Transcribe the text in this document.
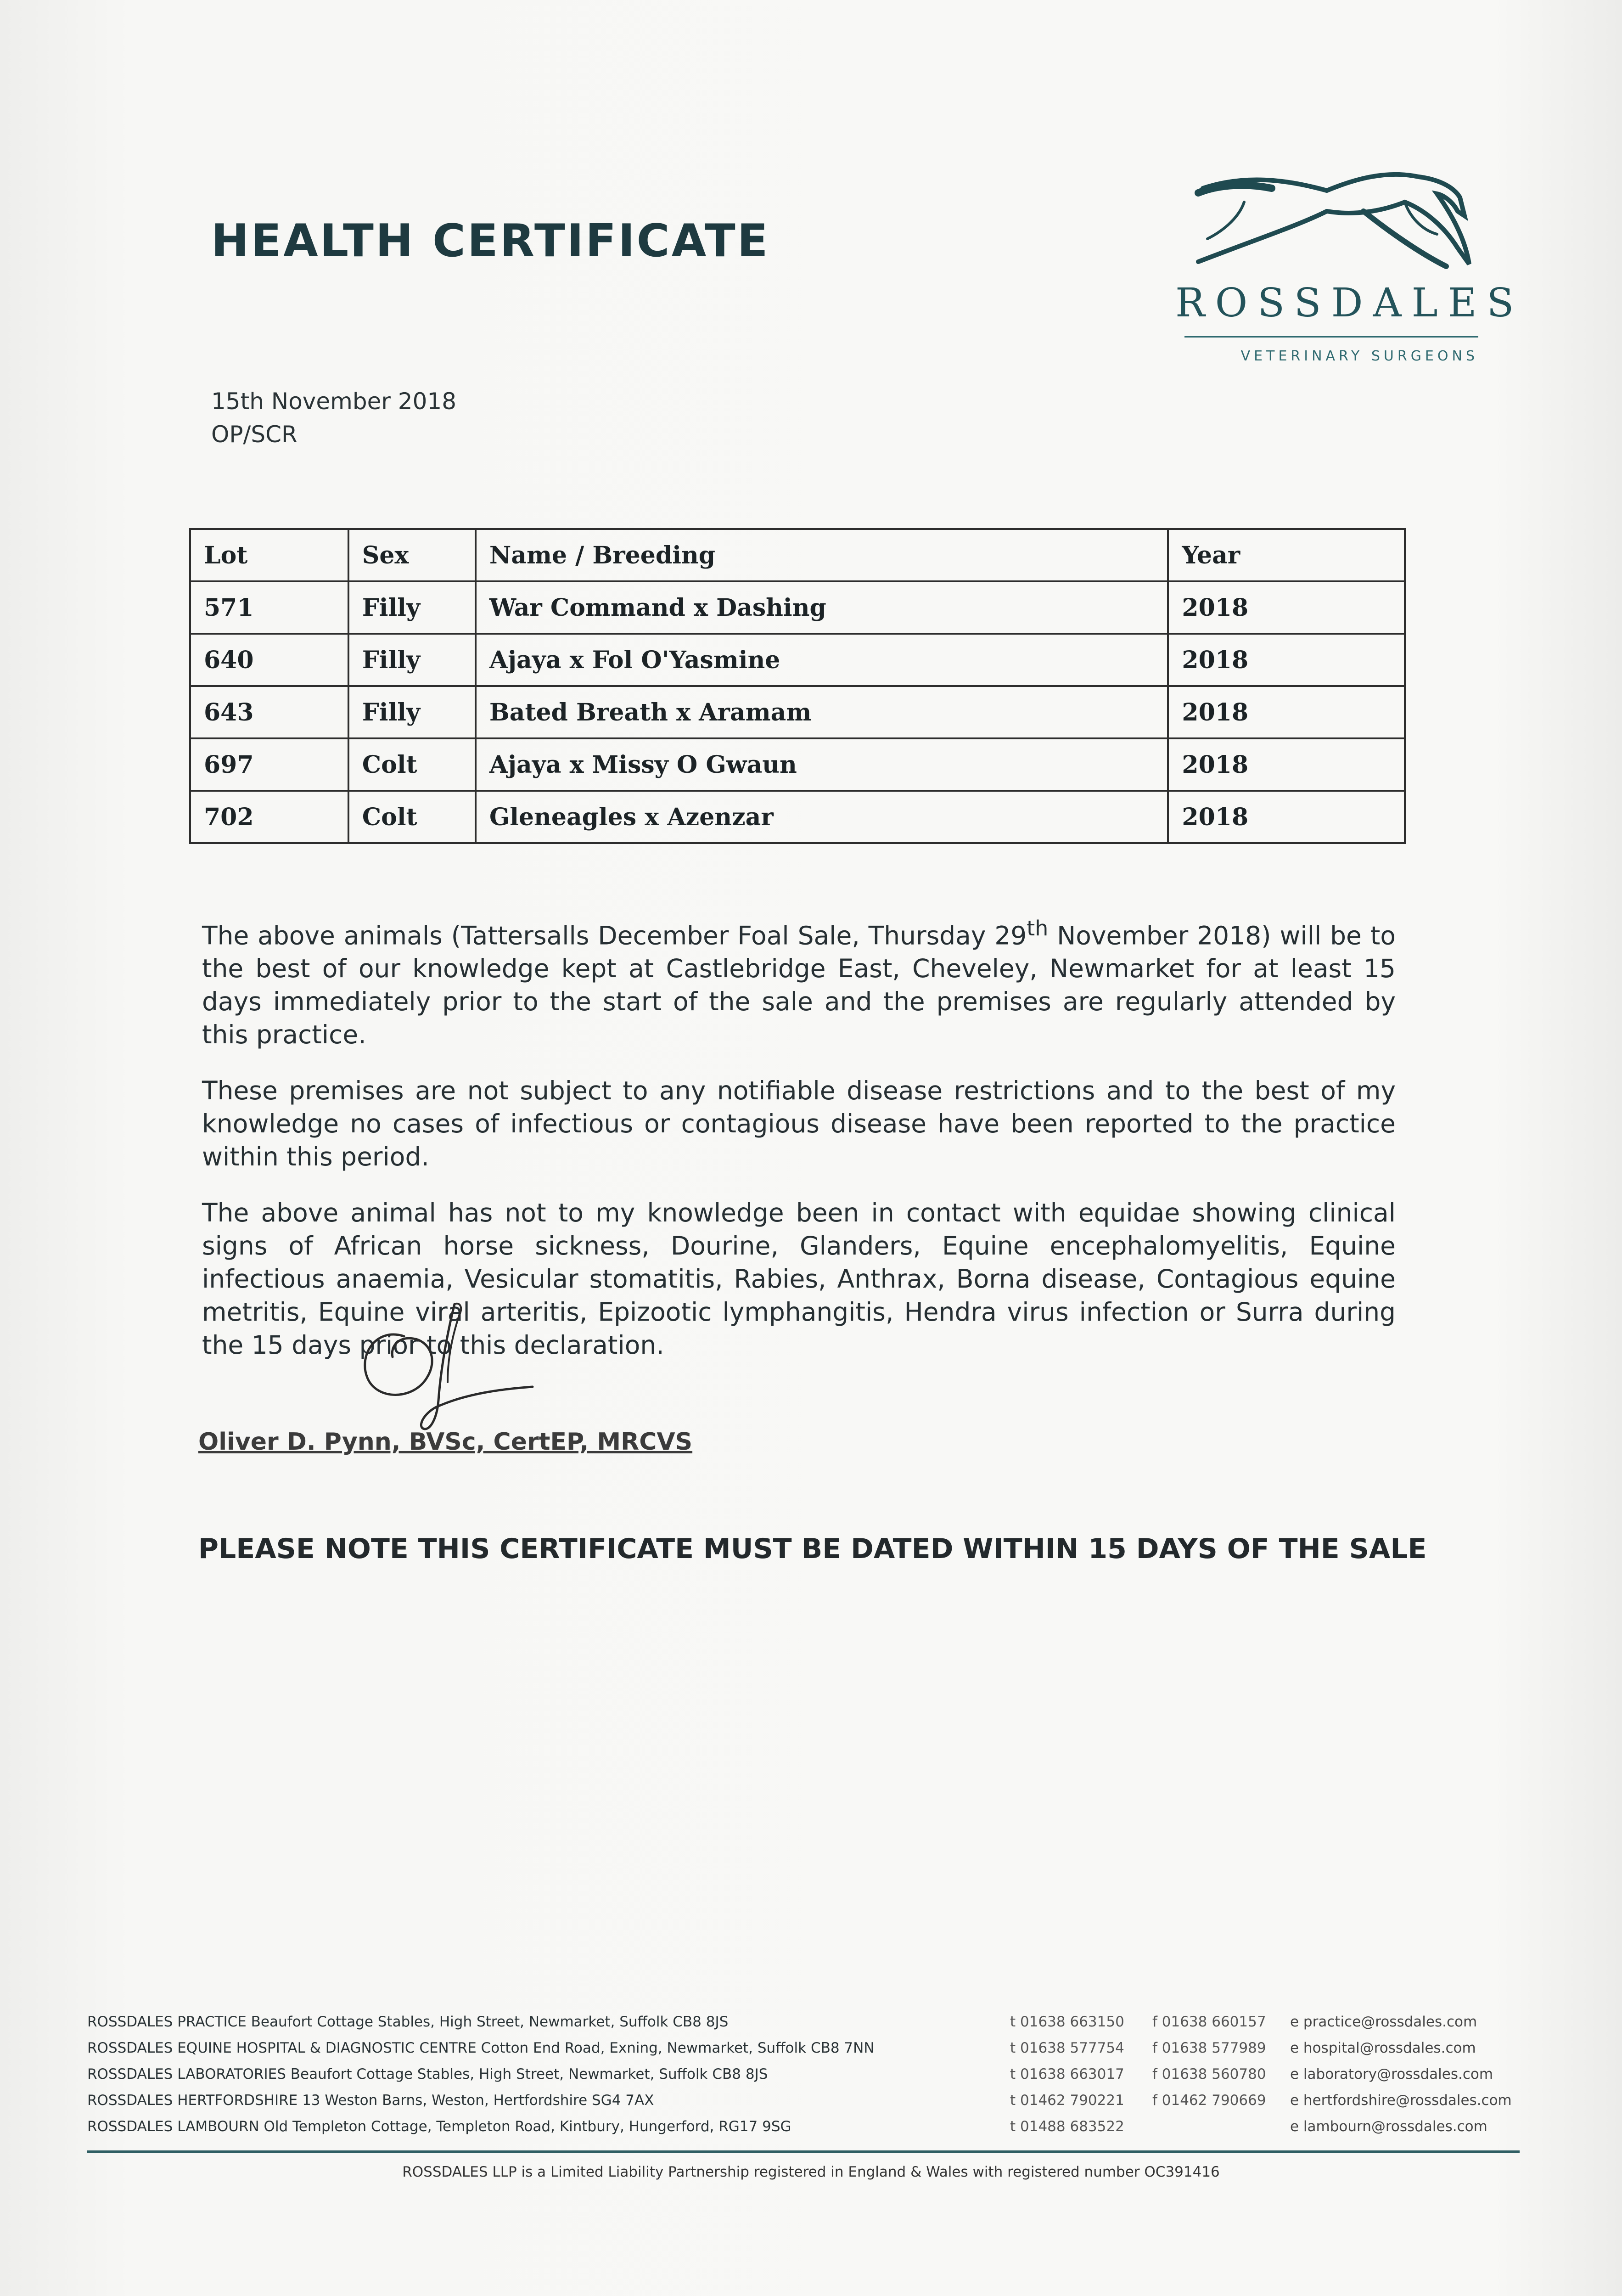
HEALTH CERTIFICATE
ROSSDALES
VETERINARY SURGEONS
15th November 2018
OP/SCR
Lot	Sex	Name / Breeding	Year
571	Filly	War Command x Dashing	2018
640	Filly	Ajaya x Fol O'Yasmine	2018
643	Filly	Bated Breath x Aramam	2018
697	Colt	Ajaya x Missy O Gwaun	2018
702	Colt	Gleneagles x Azenzar	2018

The above animals (Tattersalls December Foal Sale, Thursday 29th November 2018) will be to the best of our knowledge kept at Castlebridge East, Cheveley, Newmarket for at least 15 days immediately prior to the start of the sale and the premises are regularly attended by this practice.

These premises are not subject to any notifiable disease restrictions and to the best of my knowledge no cases of infectious or contagious disease have been reported to the practice within this period.

The above animal has not to my knowledge been in contact with equidae showing clinical signs of African horse sickness, Dourine, Glanders, Equine encephalomyelitis, Equine infectious anaemia, Vesicular stomatitis, Rabies, Anthrax, Borna disease, Contagious equine metritis, Equine viral arteritis, Epizootic lymphangitis, Hendra virus infection or Surra during the 15 days prior to this declaration.

Oliver D. Pynn, BVSc, CertEP, MRCVS
PLEASE NOTE THIS CERTIFICATE MUST BE DATED WITHIN 15 DAYS OF THE SALE
ROSSDALES PRACTICE Beaufort Cottage Stables, High Street, Newmarket, Suffolk CB8 8JS	t 01638 663150 f 01638 660157 e practice@rossdales.com
ROSSDALES EQUINE HOSPITAL & DIAGNOSTIC CENTRE Cotton End Road, Exning, Newmarket, Suffolk CB8 7NN	t 01638 577754 f 01638 577989 e hospital@rossdales.com
ROSSDALES LABORATORIES Beaufort Cottage Stables, High Street, Newmarket, Suffolk CB8 8JS	t 01638 663017 f 01638 560780 e laboratory@rossdales.com
ROSSDALES HERTFORDSHIRE 13 Weston Barns, Weston, Hertfordshire SG4 7AX	t 01462 790221 f 01462 790669 e hertfordshire@rossdales.com
ROSSDALES LAMBOURN Old Templeton Cottage, Templeton Road, Kintbury, Hungerford, RG17 9SG	t 01488 683522	e lambourn@rossdales.com
ROSSDALES LLP is a Limited Liability Partnership registered in England & Wales with registered number OC391416
